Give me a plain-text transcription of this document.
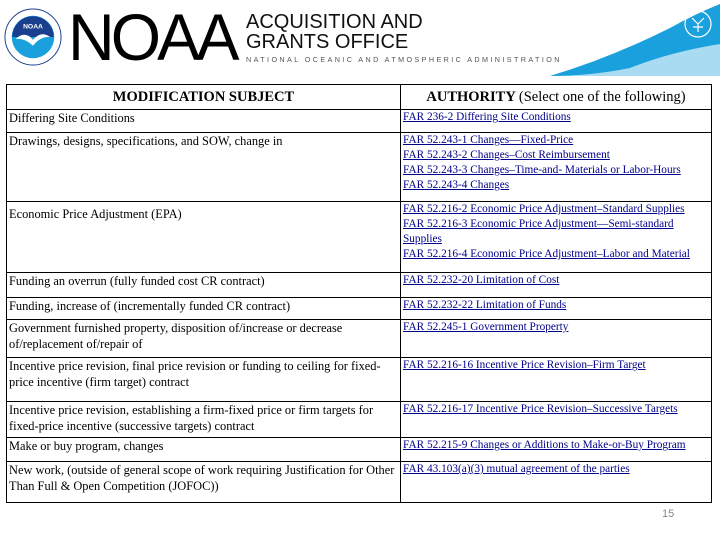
NOAA NOAA ACQUISITION AND
GRANTS OFFICE
NATIONAL OCEANIC AND ATMOSPHERIC ADMINISTRATION
MODIFICATION SUBJECT	AUTHORITY (Select one of the following)
Differing Site Conditions	FAR 236-2 Differing Site Conditions

Drawings, designs, specifications, and SOW, change in	FAR 52.243-1 Changes—Fixed-Price
FAR 52.243-2 Changes–Cost Reimbursement
FAR 52.243-3 Changes–Time-and- Materials or Labor-Hours
FAR 52.243-4 Changes

Economic Price Adjustment (EPA)	FAR 52.216-2 Economic Price Adjustment–Standard Supplies
FAR 52.216-3 Economic Price Adjustment—Semi-standard Supplies
FAR 52.216-4 Economic Price Adjustment–Labor and Material

Funding an overrun (fully funded cost CR contract)	FAR 52.232-20 Limitation of Cost

Funding, increase of (incrementally funded CR contract)	FAR 52.232-22 Limitation of Funds

Government furnished property, disposition of/increase or decrease of/replacement of/repair of	FAR 52.245-1 Government Property

Incentive price revision, final price revision or funding to ceiling for fixed-price incentive (firm target) contract	FAR 52.216-16 Incentive Price Revision–Firm Target

Incentive price revision, establishing a firm-fixed price or firm targets for fixed-price incentive (successive targets) contract	FAR 52.216-17 Incentive Price Revision–Successive Targets

Make or buy program, changes	FAR 52.215-9 Changes or Additions to Make-or-Buy Program

New work, (outside of general scope of work requiring Justification for Other Than Full & Open Competition (JOFOC))	FAR 43.103(a)(3) mutual agreement of the parties
15
